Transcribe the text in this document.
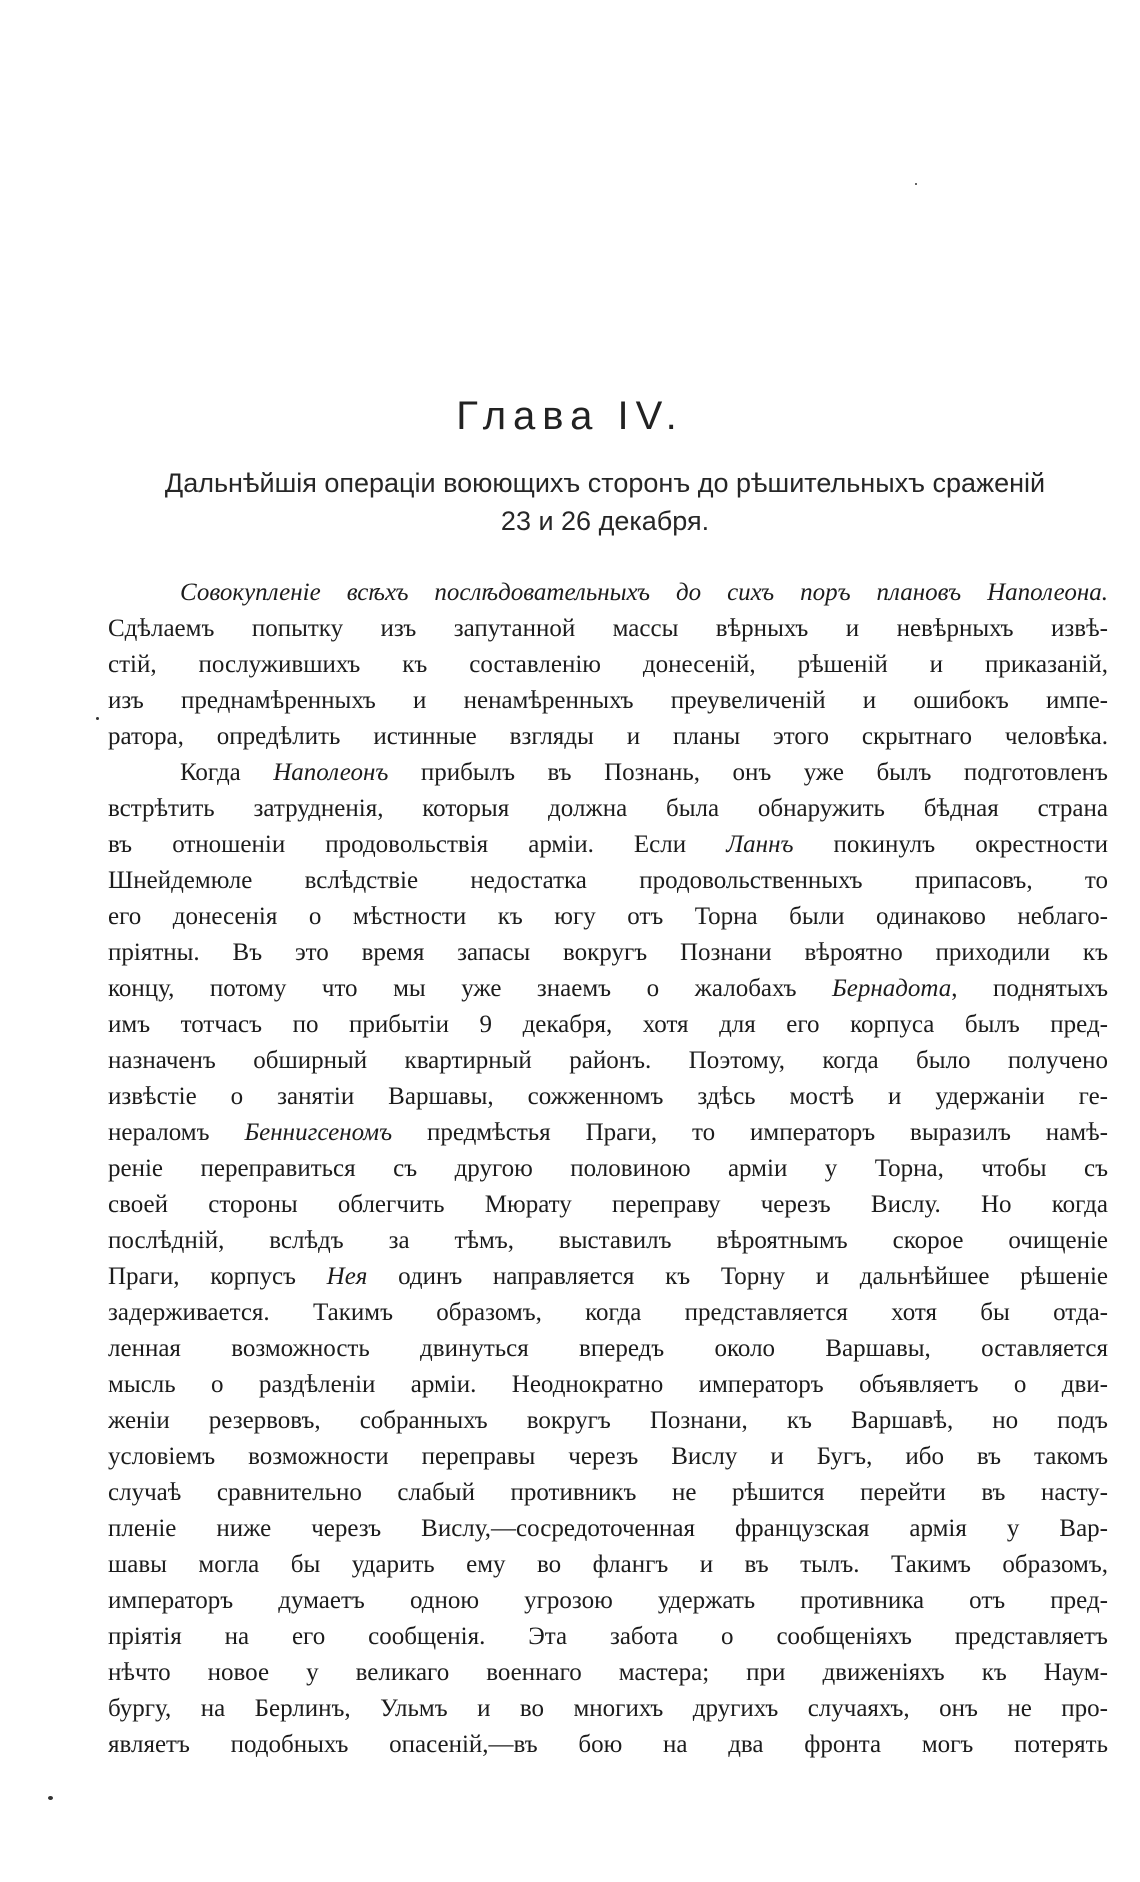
Глава IV.
Дальнѣйшія операціи воюющихъ сторонъ до рѣшительныхъ сраженій
23 и 26 декабря.
Совокупленіе всѣхъ послѣдовательныхъ до сихъ поръ плановъ Наполеона.
Сдѣлаемъ попытку изъ запутанной массы вѣрныхъ и невѣрныхъ извѣ-
стій, послужившихъ къ составленію донесеній, рѣшеній и приказаній,
изъ преднамѣренныхъ и ненамѣренныхъ преувеличеній и ошибокъ импе-
ратора, опредѣлить истинные взгляды и планы этого скрытнаго человѣка.
Когда Наполеонъ прибылъ въ Познань, онъ уже былъ подготовленъ
встрѣтить затрудненія, которыя должна была обнаружить бѣдная страна
въ отношеніи продовольствія арміи. Если Ланнъ покинулъ окрестности
Шнейдемюле вслѣдствіе недостатка продовольственныхъ припасовъ, то
его донесенія о мѣстности къ югу отъ Торна были одинаково неблаго-
пріятны. Въ это время запасы вокругъ Познани вѣроятно приходили къ
концу, потому что мы уже знаемъ о жалобахъ Бернадота, поднятыхъ
имъ тотчасъ по прибытіи 9 декабря, хотя для его корпуса былъ пред-
назначенъ обширный квартирный районъ. Поэтому, когда было получено
извѣстіе о занятіи Варшавы, сожженномъ здѣсь мостѣ и удержаніи ге-
нераломъ Беннигсеномъ предмѣстья Праги, то императоръ выразилъ намѣ-
реніе переправиться съ другою половиною арміи у Торна, чтобы съ
своей стороны облегчить Мюрату переправу черезъ Вислу. Но когда
послѣдній, вслѣдъ за тѣмъ, выставилъ вѣроятнымъ скорое очищеніе
Праги, корпусъ Нея одинъ направляется къ Торну и дальнѣйшее рѣшеніе
задерживается. Такимъ образомъ, когда представляется хотя бы отда-
ленная возможность двинуться впередъ около Варшавы, оставляется
мысль о раздѣленіи арміи. Неоднократно императоръ объявляетъ о дви-
женіи резервовъ, собранныхъ вокругъ Познани, къ Варшавѣ, но подъ
условіемъ возможности переправы черезъ Вислу и Бугъ, ибо въ такомъ
случаѣ сравнительно слабый противникъ не рѣшится перейти въ насту-
пленіе ниже черезъ Вислу,—сосредоточенная французская армія у Вар-
шавы могла бы ударить ему во флангъ и въ тылъ. Такимъ образомъ,
императоръ думаетъ одною угрозою удержать противника отъ пред-
пріятія на его сообщенія. Эта забота о сообщеніяхъ представляетъ
нѣчто новое у великаго военнаго мастера; при движеніяхъ къ Наум-
бургу, на Берлинъ, Ульмъ и во многихъ другихъ случаяхъ, онъ не про-
являетъ подобныхъ опасеній,—въ бою на два фронта могъ потерять
